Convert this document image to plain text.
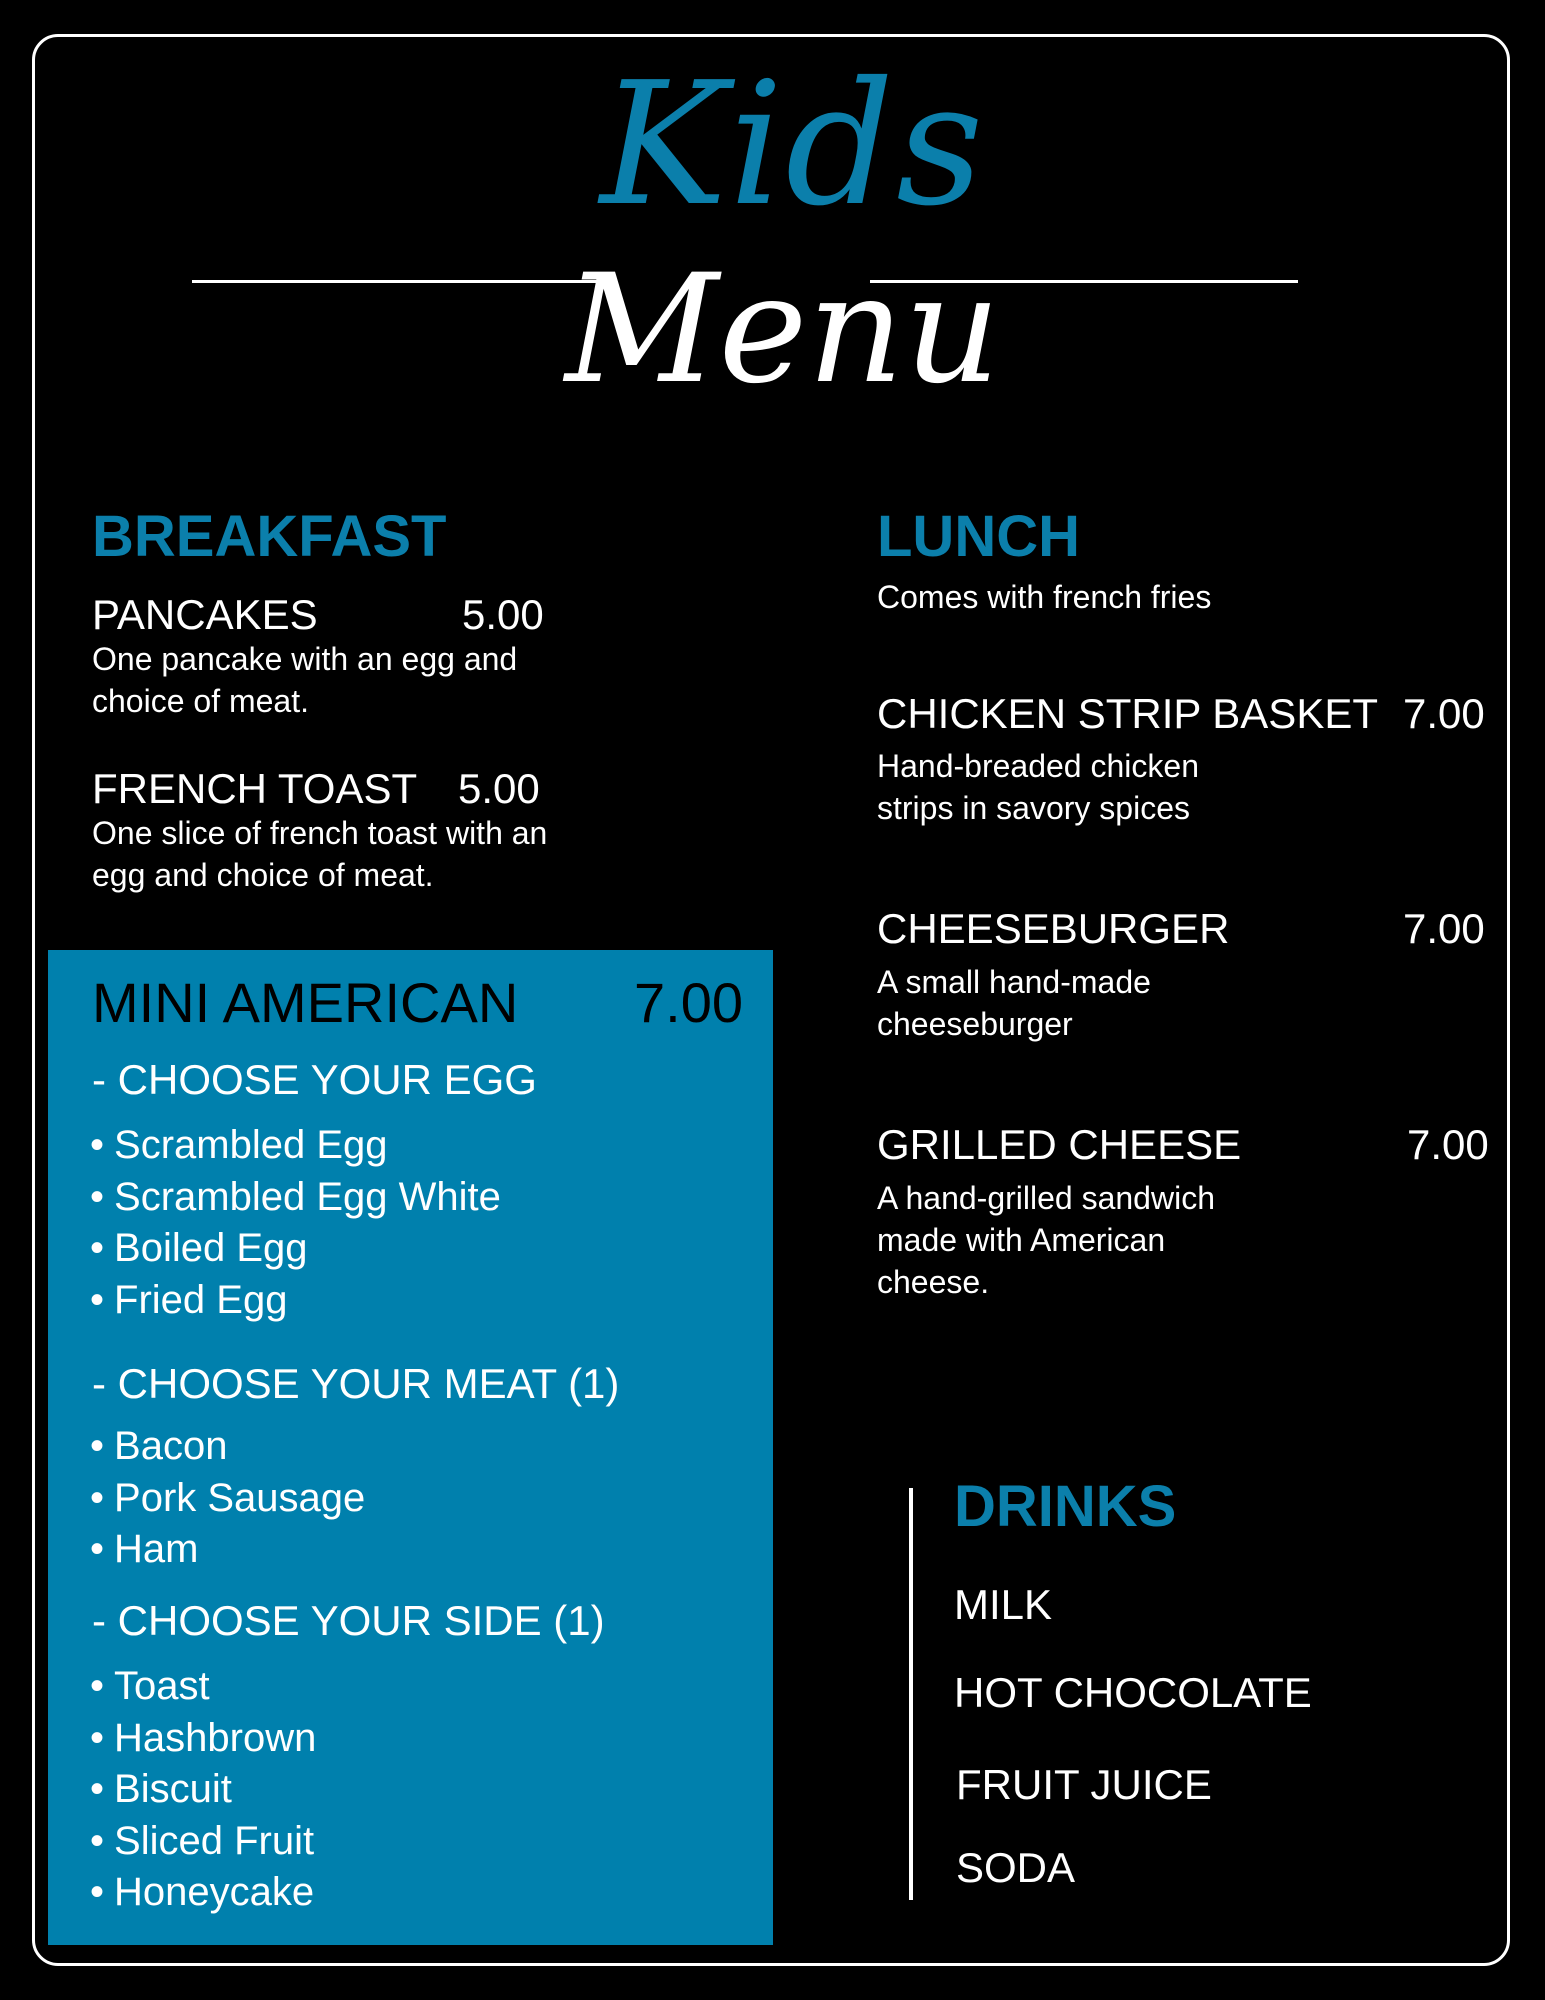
Kids
Menu
BREAKFAST
PANCAKES	5.00
One pancake with an egg and choice of meat.
FRENCH TOAST 5.00
One slice of french toast with an egg and choice of meat.
MINI AMERICAN 7.00
- CHOOSE YOUR EGG
• Scrambled Egg
• Scrambled Egg White
• Boiled Egg
• Fried Egg
- CHOOSE YOUR MEAT (1)
• Bacon
• Pork Sausage
• Ham
- CHOOSE YOUR SIDE (1)
• Toast
• Hashbrown
• Biscuit
• Sliced Fruit
• Honeycake
LUNCH
Comes with french fries
CHICKEN STRIP BASKET 7.00
Hand-breaded chicken strips in savory spices
CHEESEBURGER	7.00
A small hand-made cheeseburger
GRILLED CHEESE	7.00
A hand-grilled sandwich made with American cheese.
DRINKS
MILK
HOT CHOCOLATE
FRUIT JUICE
SODA
